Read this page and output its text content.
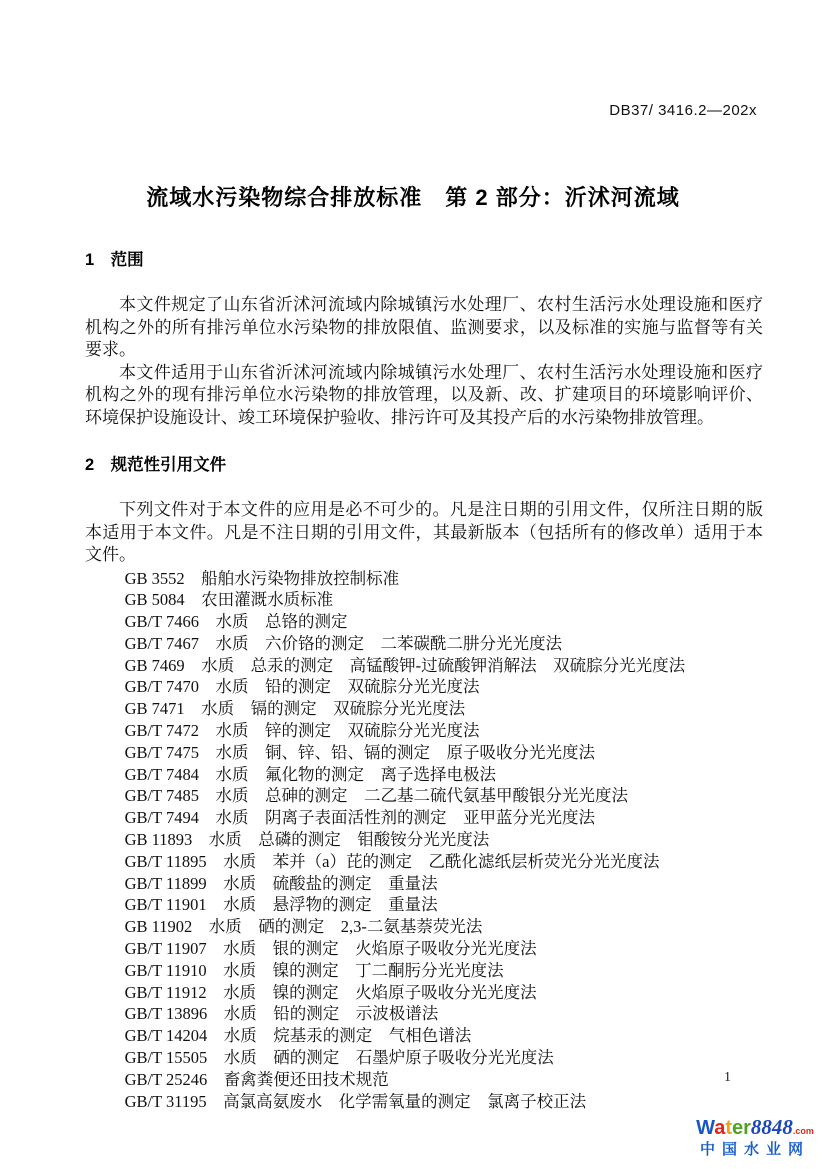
DB37/ 3416.2—202x
流域水污染物综合排放标准　第 2 部分：沂沭河流域
1　范围

本文件规定了山东省沂沭河流域内除城镇污水处理厂、农村生活污水处理设施和医疗机构之外的所有排污单位水污染物的排放限值、监测要求，以及标准的实施与监督等有关要求。

本文件适用于山东省沂沭河流域内除城镇污水处理厂、农村生活污水处理设施和医疗机构之外的现有排污单位水污染物的排放管理，以及新、改、扩建项目的环境影响评价、环境保护设施设计、竣工环境保护验收、排污许可及其投产后的水污染物排放管理。

2　规范性引用文件

下列文件对于本文件的应用是必不可少的。凡是注日期的引用文件，仅所注日期的版本适用于本文件。凡是不注日期的引用文件，其最新版本（包括所有的修改单）适用于本文件。

GB 3552　船舶水污染物排放控制标准

GB 5084　农田灌溉水质标准

GB/T 7466　水质　总铬的测定

GB/T 7467　水质　六价铬的测定　二苯碳酰二肼分光光度法

GB 7469　水质　总汞的测定　高锰酸钾-过硫酸钾消解法　双硫腙分光光度法

GB/T 7470　水质　铅的测定　双硫腙分光光度法

GB 7471　水质　镉的测定　双硫腙分光光度法

GB/T 7472　水质　锌的测定　双硫腙分光光度法

GB/T 7475　水质　铜、锌、铅、镉的测定　原子吸收分光光度法

GB/T 7484　水质　氟化物的测定　离子选择电极法

GB/T 7485　水质　总砷的测定　二乙基二硫代氨基甲酸银分光光度法

GB/T 7494　水质　阴离子表面活性剂的测定　亚甲蓝分光光度法

GB 11893　水质　总磷的测定　钼酸铵分光光度法

GB/T 11895　水质　苯并（a）芘的测定　乙酰化滤纸层析荧光分光光度法

GB/T 11899　水质　硫酸盐的测定　重量法

GB/T 11901　水质　悬浮物的测定　重量法

GB 11902　水质　硒的测定　2,3-二氨基萘荧光法

GB/T 11907　水质　银的测定　火焰原子吸收分光光度法

GB/T 11910　水质　镍的测定　丁二酮肟分光光度法

GB/T 11912　水质　镍的测定　火焰原子吸收分光光度法

GB/T 13896　水质　铅的测定　示波极谱法

GB/T 14204　水质　烷基汞的测定　气相色谱法

GB/T 15505　水质　硒的测定　石墨炉原子吸收分光光度法

GB/T 25246　畜禽粪便还田技术规范

GB/T 31195　高氯高氨废水　化学需氧量的测定　氯离子校正法

1
Water8848.com
中国水业网
